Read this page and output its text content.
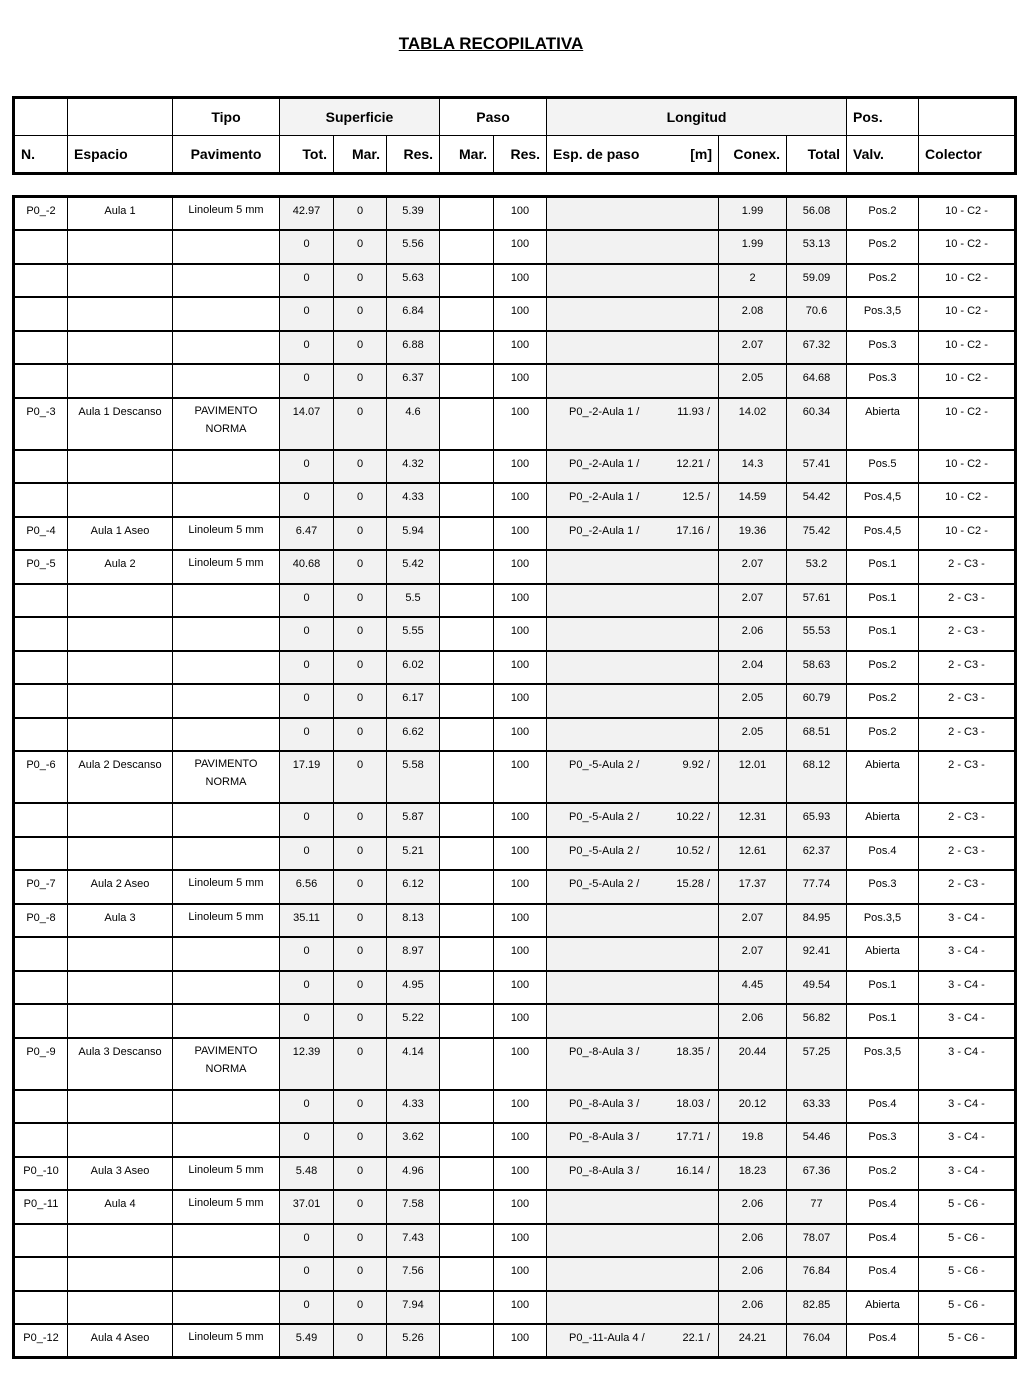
TABLA RECOPILATIVA
		Tipo	Superficie			Paso		Longitud			Pos.	
N.	Espacio	Pavimento	Tot.	Mar.	Res.	Mar.	Res.	Esp. de paso [m]	Conex.	Total	Valv.	Colector
P0_-2	Aula 1	Linoleum 5 mm	42.97	0	5.39		100		1.99	56.08	Pos.2	10 - C2 -
			0	0	5.56		100		1.99	53.13	Pos.2	10 - C2 -
			0	0	5.63		100		2	59.09	Pos.2	10 - C2 -
			0	0	6.84		100		2.08	70.6	Pos.3,5	10 - C2 -
			0	0	6.88		100		2.07	67.32	Pos.3	10 - C2 -
			0	0	6.37		100		2.05	64.68	Pos.3	10 - C2 -
P0_-3	Aula 1 Descanso	PAVIMENTO NORMA	14.07	0	4.6		100	P0_-2-Aula 1 / 11.93 /	14.02	60.34	Abierta	10 - C2 -
			0	0	4.32		100	P0_-2-Aula 1 / 12.21 /	14.3	57.41	Pos.5	10 - C2 -
			0	0	4.33		100	P0_-2-Aula 1 / 12.5 /	14.59	54.42	Pos.4,5	10 - C2 -
P0_-4	Aula 1 Aseo	Linoleum 5 mm	6.47	0	5.94		100	P0_-2-Aula 1 / 17.16 /	19.36	75.42	Pos.4,5	10 - C2 -
P0_-5	Aula 2	Linoleum 5 mm	40.68	0	5.42		100		2.07	53.2	Pos.1	2 - C3 -
			0	0	5.5		100		2.07	57.61	Pos.1	2 - C3 -
			0	0	5.55		100		2.06	55.53	Pos.1	2 - C3 -
			0	0	6.02		100		2.04	58.63	Pos.2	2 - C3 -
			0	0	6.17		100		2.05	60.79	Pos.2	2 - C3 -
			0	0	6.62		100		2.05	68.51	Pos.2	2 - C3 -
P0_-6	Aula 2 Descanso	PAVIMENTO NORMA	17.19	0	5.58		100	P0_-5-Aula 2 / 9.92 /	12.01	68.12	Abierta	2 - C3 -
			0	0	5.87		100	P0_-5-Aula 2 / 10.22 /	12.31	65.93	Abierta	2 - C3 -
			0	0	5.21		100	P0_-5-Aula 2 / 10.52 /	12.61	62.37	Pos.4	2 - C3 -
P0_-7	Aula 2 Aseo	Linoleum 5 mm	6.56	0	6.12		100	P0_-5-Aula 2 / 15.28 /	17.37	77.74	Pos.3	2 - C3 -
P0_-8	Aula 3	Linoleum 5 mm	35.11	0	8.13		100		2.07	84.95	Pos.3,5	3 - C4 -
			0	0	8.97		100		2.07	92.41	Abierta	3 - C4 -
			0	0	4.95		100		4.45	49.54	Pos.1	3 - C4 -
			0	0	5.22		100		2.06	56.82	Pos.1	3 - C4 -
P0_-9	Aula 3 Descanso	PAVIMENTO NORMA	12.39	0	4.14		100	P0_-8-Aula 3 / 18.35 /	20.44	57.25	Pos.3,5	3 - C4 -
			0	0	4.33		100	P0_-8-Aula 3 / 18.03 /	20.12	63.33	Pos.4	3 - C4 -
			0	0	3.62		100	P0_-8-Aula 3 / 17.71 /	19.8	54.46	Pos.3	3 - C4 -
P0_-10	Aula 3 Aseo	Linoleum 5 mm	5.48	0	4.96		100	P0_-8-Aula 3 / 16.14 /	18.23	67.36	Pos.2	3 - C4 -
P0_-11	Aula 4	Linoleum 5 mm	37.01	0	7.58		100		2.06	77	Pos.4	5 - C6 -
			0	0	7.43		100		2.06	78.07	Pos.4	5 - C6 -
			0	0	7.56		100		2.06	76.84	Pos.4	5 - C6 -
			0	0	7.94		100		2.06	82.85	Abierta	5 - C6 -
P0_-12	Aula 4 Aseo	Linoleum 5 mm	5.49	0	5.26		100	P0_-11-Aula 4 / 22.1 /	24.21	76.04	Pos.4	5 - C6 -
